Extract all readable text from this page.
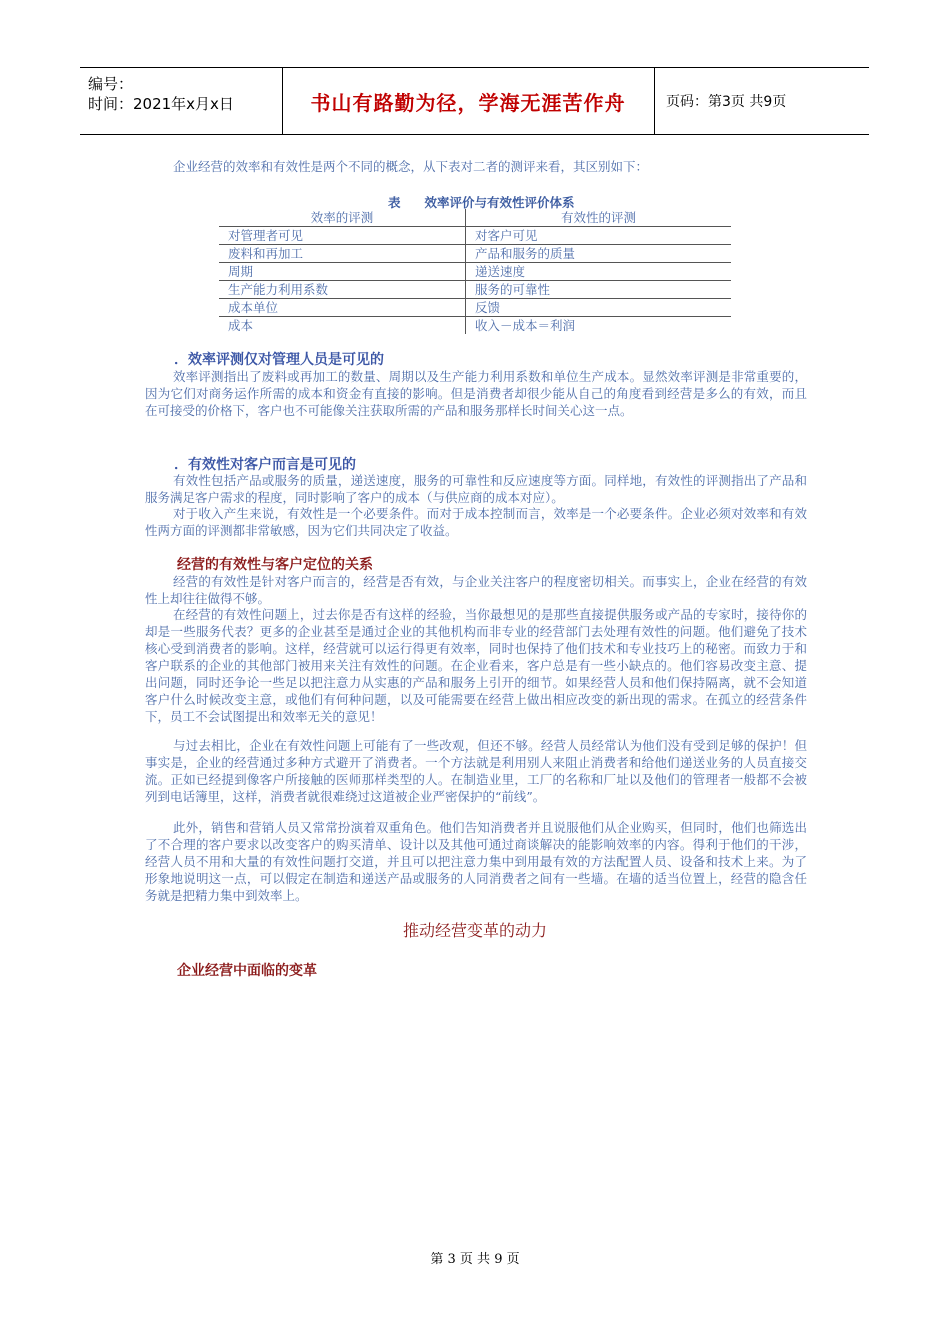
编号：
时间：2021年x月x日	书山有路勤为径，学海无涯苦作舟	页码：第3页 共9页
企业经营的效率和有效性是两个不同的概念，从下表对二者的测评来看，其区别如下：
表 效率评价与有效性评价体系
效率的评测	有效性的评测
对管理者可见	对客户可见
废料和再加工	产品和服务的质量
周期	递送速度
生产能力利用系数	服务的可靠性
成本单位	反馈
成本	收入－成本＝利润
．效率评测仅对管理人员是可见的

效率评测指出了废料或再加工的数量、周期以及生产能力利用系数和单位生产成本。显然效率评测是非常重要的，因为它们对商务运作所需的成本和资金有直接的影响。但是消费者却很少能从自己的角度看到经营是多么的有效，而且在可接受的价格下，客户也不可能像关注获取所需的产品和服务那样长时间关心这一点。

．有效性对客户而言是可见的

有效性包括产品或服务的质量，递送速度，服务的可靠性和反应速度等方面。同样地，有效性的评测指出了产品和服务满足客户需求的程度，同时影响了客户的成本（与供应商的成本对应）。

对于收入产生来说，有效性是一个必要条件。而对于成本控制而言，效率是一个必要条件。企业必须对效率和有效性两方面的评测都非常敏感，因为它们共同决定了收益。

经营的有效性与客户定位的关系

经营的有效性是针对客户而言的，经营是否有效，与企业关注客户的程度密切相关。而事实上，企业在经营的有效性上却往往做得不够。

在经营的有效性问题上，过去你是否有这样的经验，当你最想见的是那些直接提供服务或产品的专家时，接待你的却是一些服务代表？更多的企业甚至是通过企业的其他机构而非专业的经营部门去处理有效性的问题。他们避免了技术核心受到消费者的影响。这样，经营就可以运行得更有效率，同时也保持了他们技术和专业技巧上的秘密。而致力于和客户联系的企业的其他部门被用来关注有效性的问题。在企业看来，客户总是有一些小缺点的。他们容易改变主意、提出问题，同时还争论一些足以把注意力从实惠的产品和服务上引开的细节。如果经营人员和他们保持隔离，就不会知道客户什么时候改变主意，或他们有何种问题，以及可能需要在经营上做出相应改变的新出现的需求。在孤立的经营条件下，员工不会试图提出和效率无关的意见！

与过去相比，企业在有效性问题上可能有了一些改观，但还不够。经营人员经常认为他们没有受到足够的保护！但事实是，企业的经营通过多种方式避开了消费者。一个方法就是利用别人来阻止消费者和给他们递送业务的人员直接交流。正如已经提到像客户所接触的医师那样类型的人。在制造业里，工厂的名称和厂址以及他们的管理者一般都不会被列到电话簿里，这样，消费者就很难绕过这道被企业严密保护的“前线”。

此外，销售和营销人员又常常扮演着双重角色。他们告知消费者并且说服他们从企业购买，但同时，他们也筛选出了不合理的客户要求以改变客户的购买清单、设计以及其他可通过商谈解决的能影响效率的内容。得利于他们的干涉，经营人员不用和大量的有效性问题打交道，并且可以把注意力集中到用最有效的方法配置人员、设备和技术上来。为了形象地说明这一点，可以假定在制造和递送产品或服务的人同消费者之间有一些墙。在墙的适当位置上，经营的隐含任务就是把精力集中到效率上。

推动经营变革的动力
企业经营中面临的变革
第 3 页 共 9 页
